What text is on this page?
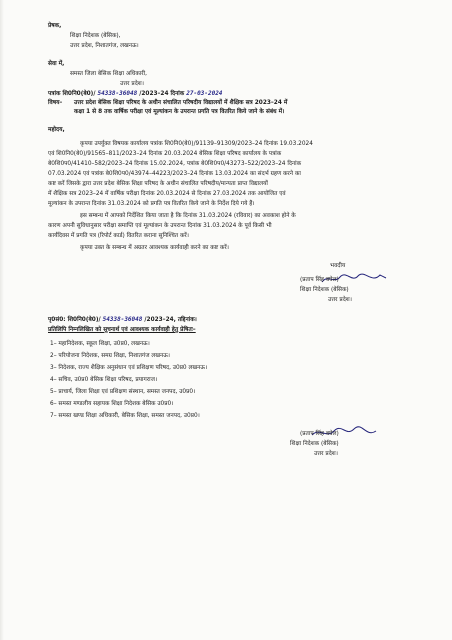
प्रेषक,
शिक्षा निदेशक (बेसिक),
उत्तर प्रदेश, निशातगंज, लखनऊ।
सेवा में,
समस्त जिला बेसिक शिक्षा अधिकारी,
उत्तर प्रदेश।
पत्रांक शि0नि0(बे0)/ 54338-36048 /2023–24 दिनांक 27-03-2024
विषय– उत्तर प्रदेश बेसिक शिक्षा परिषद के अधीन संचालित परिषदीय विद्यालयों में शैक्षिक सत्र 2023–24 में
कक्षा 1 से 8 तक वार्षिक परीक्षा एवं मूल्यांकन के उपरान्त प्रगति पत्र वितरित किये जाने के संबंध में।
महोदय,
कृपया उपर्युक्त विषयक कार्यालय पत्रांक शि0नि0(बे0)/91139–91309/2023–24 दिनांक 19.03.2024
एवं शि0नि0(बे0)/91565–811/2023–24 दिनांक 20.03.2024 बेसिक शिक्षा परिषद कार्यालय के पत्रांक
बे0शि0प0/41410–582/2023–24 दिनांक 15.02.2024, पत्रांक बे0शि0प0/43273–522/2023–24 दिनांक
07.03.2024 एवं पत्रांक बे0शि0प0/43974–44223/2023–24 दिनांक 13.03.2024 का संदर्भ ग्रहण करने का
कष्ट करें जिसके द्वारा उत्तर प्रदेश बेसिक शिक्षा परिषद के अधीन संचालित परिषदीय/मान्यता प्राप्त विद्यालयों
में शैक्षिक सत्र 2023–24 में वार्षिक परीक्षा दिनांक 20.03.2024 से दिनांक 27.03.2024 तक आयोजित एवं
मूल्यांकन के उपरान्त दिनांक 31.03.2024 को प्रगति पत्र वितरित किये जाने के निर्देश दिये गये हैं।
इस सम्बन्ध में आपको निर्देशित किया जाता है कि दिनांक 31.03.2024 (रविवार) का अवकाश होने के
कारण अपनी सुविधानुसार परीक्षा समाप्ति एवं मूल्यांकन के उपरान्त दिनांक 31.03.2024 के पूर्व किसी भी
कार्यदिवस में प्रगति पत्र (रिपोर्ट कार्ड) वितरित कराना सुनिश्चित करें।
कृपया उक्त के सम्बन्ध में अग्रतर आवश्यक कार्यवाही करने का कष्ट करें।
भवदीय
(प्रताप सिंह बघेल)
शिक्षा निदेशक (बेसिक)
उत्तर प्रदेश।
पृ0सं0: शि0नि0(बे0)/ 54338-36048 /2023–24, तद्दिनांक।
प्रतिलिपि निम्नलिखित को सूचनार्थ एवं आवश्यक कार्यवाही हेतु प्रेषितः–
1– महानिदेशक, स्कूल शिक्षा, उ0प्र0, लखनऊ।
2– परियोजना निदेशक, समग्र शिक्षा, निशातगंज लखनऊ।
3– निदेशक, राज्य शैक्षिक अनुसंधान एवं प्रशिक्षण परिषद, उ0प्र0 लखनऊ।
4– सचिव, उ0प्र0 बेसिक शिक्षा परिषद, प्रयागराज।
5– प्राचार्य, जिला शिक्षा एवं प्रशिक्षण संस्थान, समस्त जनपद, उ0प्र0।
6– समस्त मण्डलीय सहायक शिक्षा निदेशक बेसिक उ0प्र0।
7– समस्त खण्ड शिक्षा अधिकारी, बेसिक शिक्षा, समस्त जनपद, उ0प्र0।
(प्रताप सिंह बघेल)
शिक्षा निदेशक (बेसिक)
उत्तर प्रदेश।
